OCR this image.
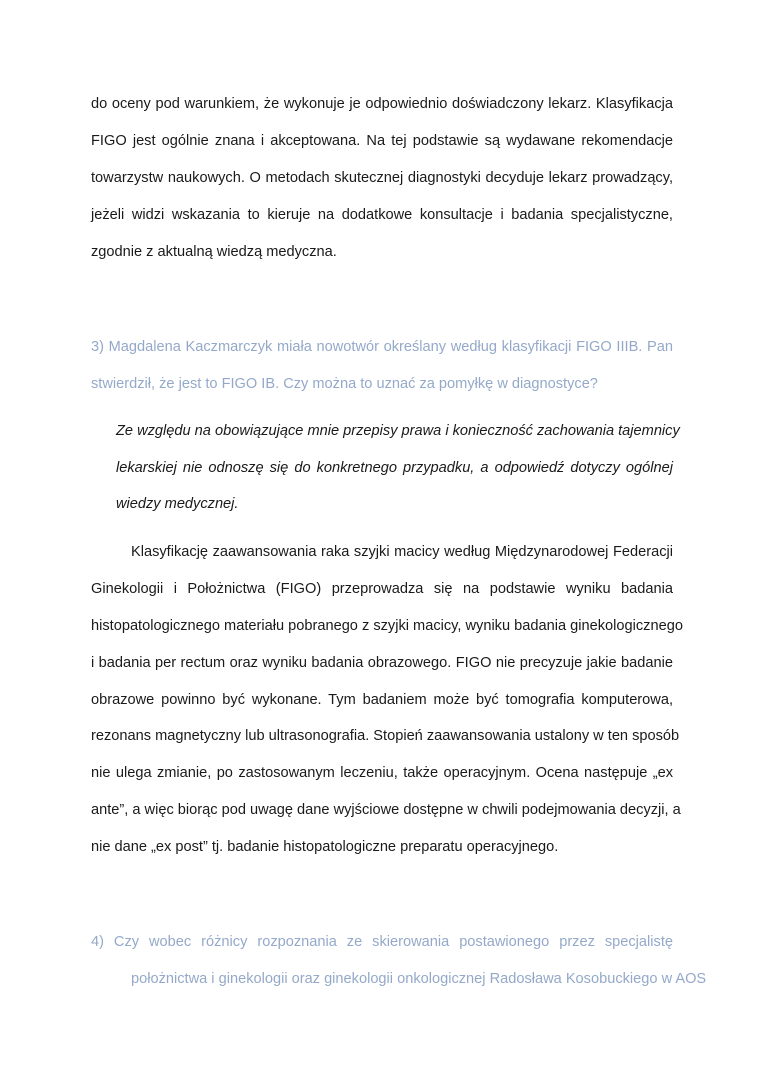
do oceny pod warunkiem, że wykonuje je odpowiednio doświadczony lekarz. Klasyfikacja

FIGO jest ogólnie znana i akceptowana. Na tej podstawie są wydawane rekomendacje

towarzystw naukowych. O metodach skutecznej diagnostyki decyduje lekarz prowadzący,

jeżeli widzi wskazania to kieruje na dodatkowe konsultacje i badania specjalistyczne,

zgodnie z aktualną wiedzą medyczna.

3) Magdalena Kaczmarczyk miała nowotwór określany według klasyfikacji FIGO IIIB. Pan

stwierdził, że jest to FIGO IB. Czy można to uznać za pomyłkę w diagnostyce?

Ze względu na obowiązujące mnie przepisy prawa i konieczność zachowania tajemnicy

lekarskiej nie odnoszę się do konkretnego przypadku, a odpowiedź dotyczy ogólnej

wiedzy medycznej.

Klasyfikację zaawansowania raka szyjki macicy według Międzynarodowej Federacji

Ginekologii i Położnictwa (FIGO) przeprowadza się na podstawie wyniku badania

histopatologicznego materiału pobranego z szyjki macicy, wyniku badania ginekologicznego

i badania per rectum oraz wyniku badania obrazowego. FIGO nie precyzuje jakie badanie

obrazowe powinno być wykonane. Tym badaniem może być tomografia komputerowa,

rezonans magnetyczny lub ultrasonografia. Stopień zaawansowania ustalony w ten sposób

nie ulega zmianie, po zastosowanym leczeniu, także operacyjnym. Ocena następuje „ex

ante”, a więc biorąc pod uwagę dane wyjściowe dostępne w chwili podejmowania decyzji, a

nie dane „ex post” tj. badanie histopatologiczne preparatu operacyjnego.

4) Czy wobec różnicy rozpoznania ze skierowania postawionego przez specjalistę

położnictwa i ginekologii oraz ginekologii onkologicznej Radosława Kosobuckiego w AOS
